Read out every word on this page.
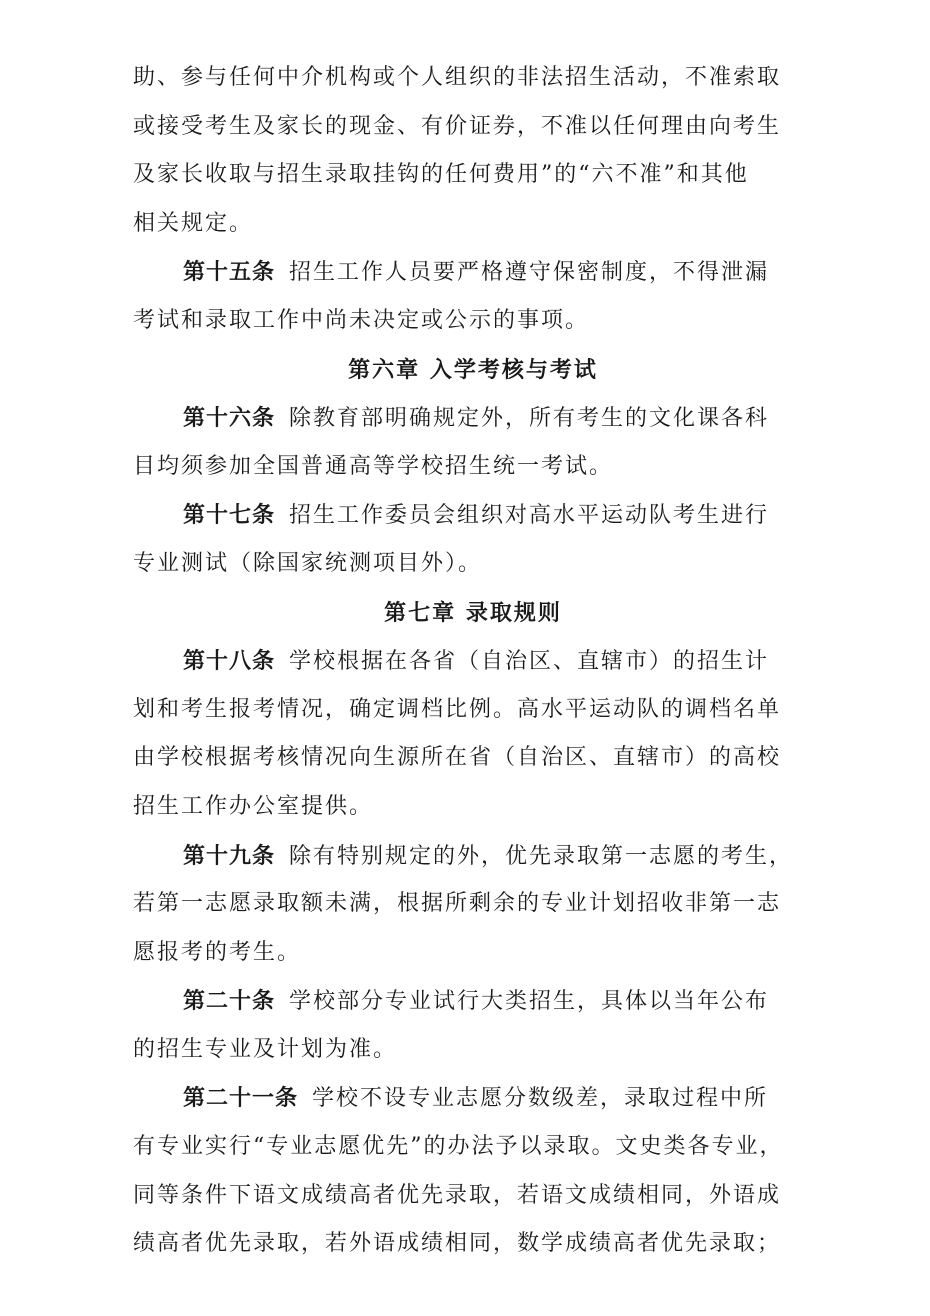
助、参与任何中介机构或个人组织的非法招生活动，不准索取
或接受考生及家长的现金、有价证券，不准以任何理由向考生
及家长收取与招生录取挂钩的任何费用”的“六不准”和其他
相关规定。
第十五条 招生工作人员要严格遵守保密制度，不得泄漏
考试和录取工作中尚未决定或公示的事项。
第六章 入学考核与考试
第十六条 除教育部明确规定外，所有考生的文化课各科
目均须参加全国普通高等学校招生统一考试。
第十七条 招生工作委员会组织对高水平运动队考生进行
专业测试（除国家统测项目外）。
第七章 录取规则
第十八条 学校根据在各省（自治区、直辖市）的招生计
划和考生报考情况，确定调档比例。高水平运动队的调档名单
由学校根据考核情况向生源所在省（自治区、直辖市）的高校
招生工作办公室提供。
第十九条 除有特别规定的外，优先录取第一志愿的考生，
若第一志愿录取额未满，根据所剩余的专业计划招收非第一志
愿报考的考生。
第二十条 学校部分专业试行大类招生，具体以当年公布
的招生专业及计划为准。
第二十一条 学校不设专业志愿分数级差，录取过程中所
有专业实行“专业志愿优先”的办法予以录取。文史类各专业，
同等条件下语文成绩高者优先录取，若语文成绩相同，外语成
绩高者优先录取，若外语成绩相同，数学成绩高者优先录取；
